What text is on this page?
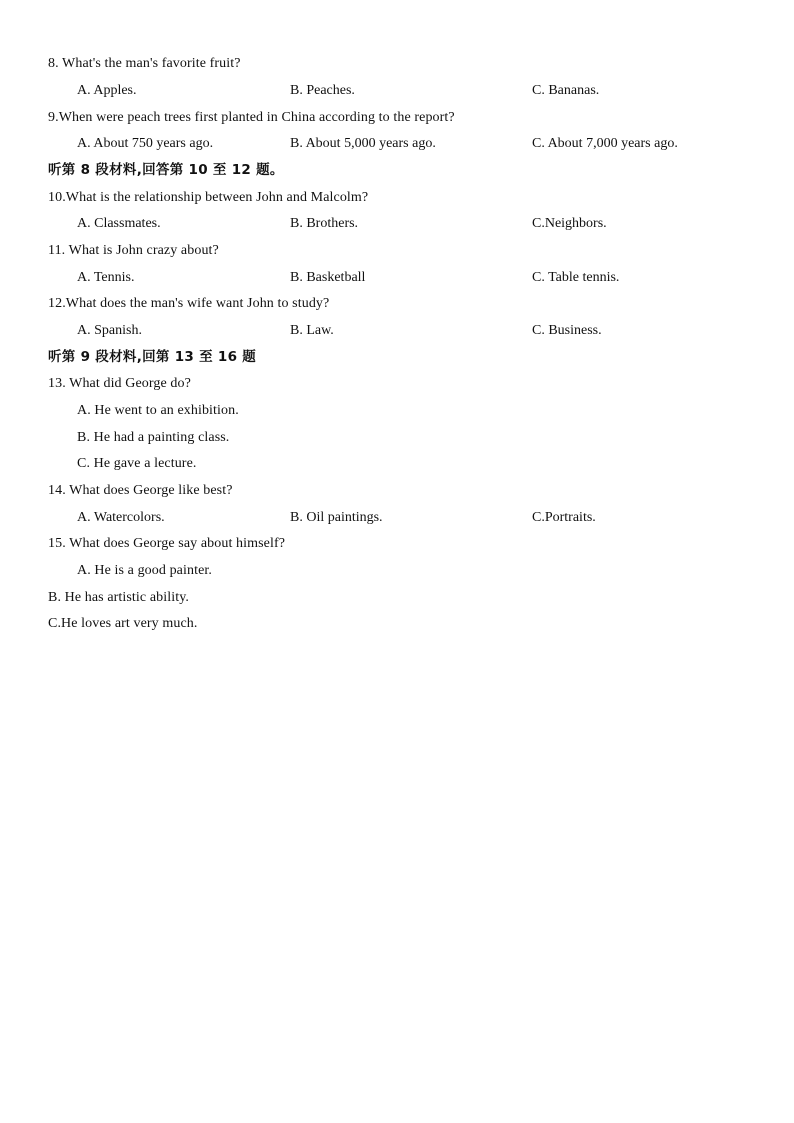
8. What's the man's favorite fruit?
A. Apples.	B. Peaches.	C. Bananas.
9.When were peach trees first planted in China according to the report?
A. About 750 years ago.	B. About 5,000 years ago.	C. About 7,000 years ago.
听第 8 段材料,回答第 10 至 12 题。
10.What is the relationship between John and Malcolm?
A. Classmates.	B. Brothers.	C.Neighbors.
11. What is John crazy about?
A. Tennis.	B. Basketball	C. Table tennis.
12.What does the man's wife want John to study?
A. Spanish.	B. Law.	C. Business.
听第 9 段材料,回第 13 至 16 题
13. What did George do?
A. He went to an exhibition.
B. He had a painting class.
C. He gave a lecture.
14. What does George like best?
A. Watercolors.	B. Oil paintings.	C.Portraits.
15. What does George say about himself?
A. He is a good painter.
B. He has artistic ability.
C.He loves art very much.
